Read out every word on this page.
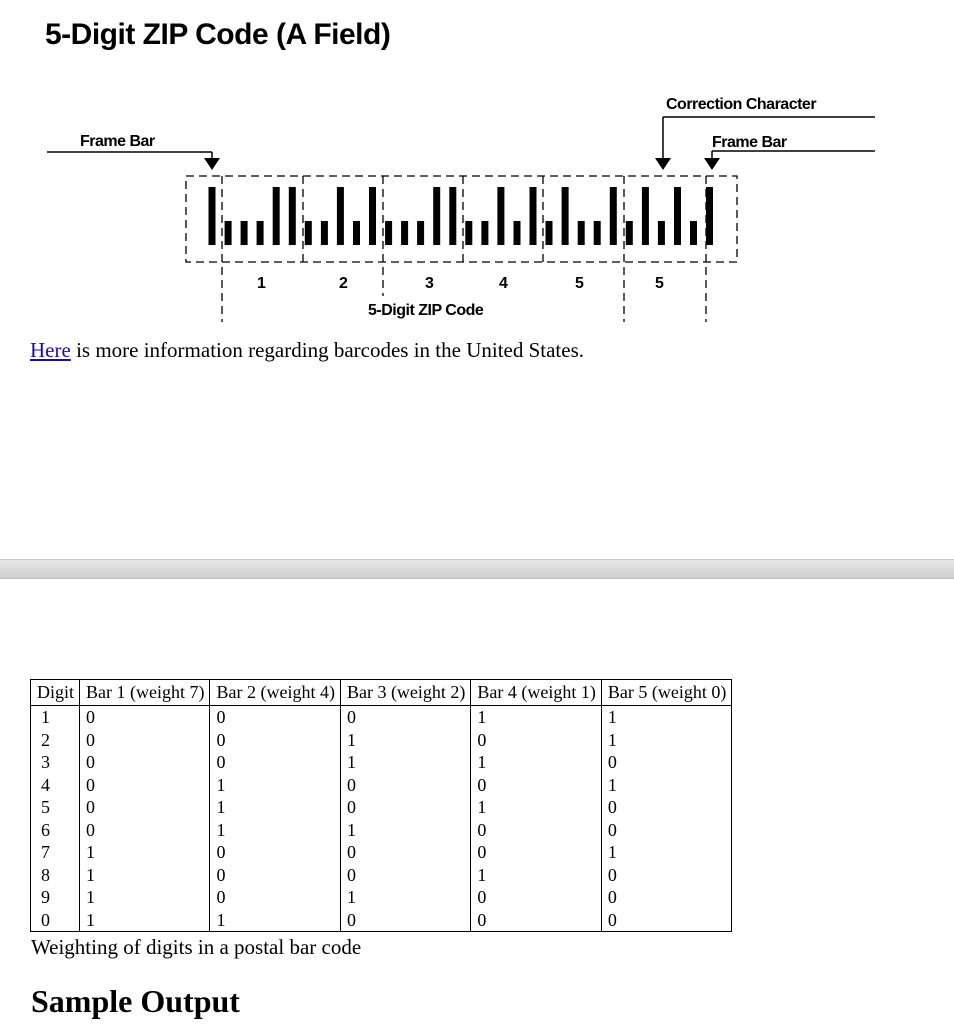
5-Digit ZIP Code (A Field)
Frame Bar
Correction Character
Frame Bar
5-Digit ZIP Code
1	2	3	4	5	5

Here is more information regarding barcodes in the United States.

Digit	Bar 1 (weight 7)	Bar 2 (weight 4)	Bar 3 (weight 2)	Bar 4 (weight 1)	Bar 5 (weight 0)
1	0	0	0	1	1
2	0	0	1	0	1
3	0	0	1	1	0
4	0	1	0	0	1
5	0	1	0	1	0
6	0	1	1	0	0
7	1	0	0	0	1
8	1	0	0	1	0
9	1	0	1	0	0
0	1	1	0	0	0

Weighting of digits in a postal bar code

Sample Output
